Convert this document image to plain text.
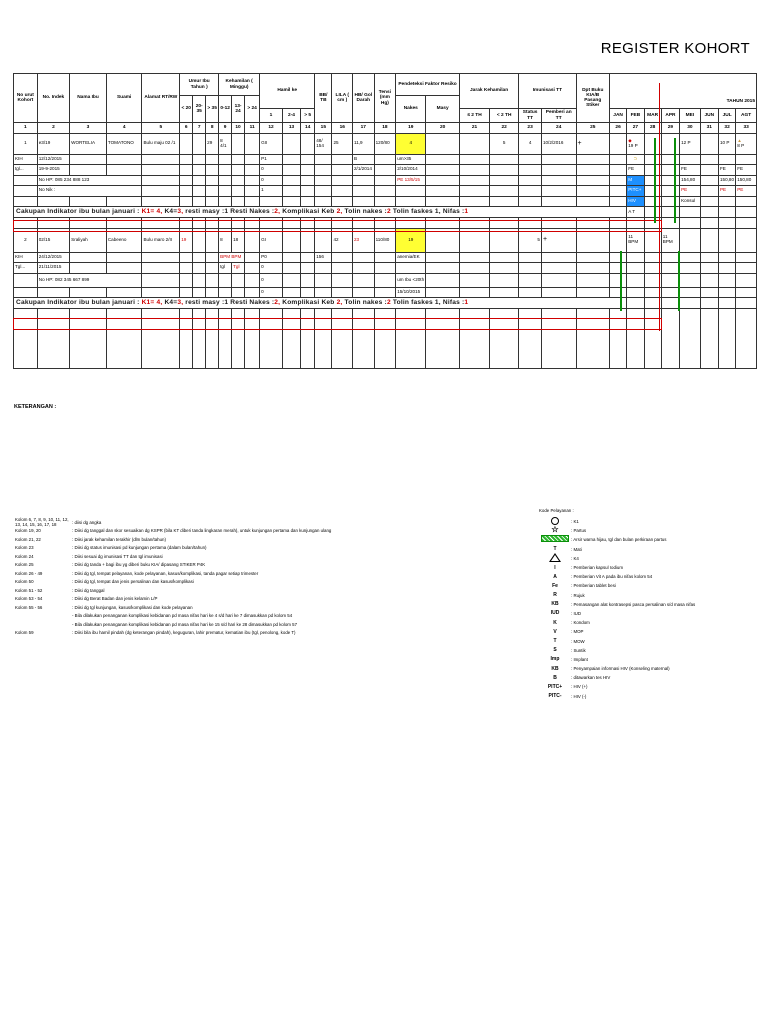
REGISTER KOHORT
No urut Kohort	No. Indek	Nama Ibu	Suami	Alamat RT/RW	Umur Ibu Tahun )			Kehamilan ( Minggu)			Hamil ke			BB/ TB	LILA ( cm )	HB/ Gol Darah	Tensi (mm Hg)	Pendeteksi Faktor Resiko		Jarak Kehamilan		Imunisasi TT		Dpt Buku KIA/B Pasang Stiker								
					< 20	20-35	> 35	0-12	13-24	> 24								Nakes	Masy						TAHUN 2015							
											1	2-4	> 5							≤ 2 TH	< 2 TH	Status TT	Pemberi an TT		JAN	FEB	MAR	APR	MEI	JUN	JUL	AGT
1	2	3	4	5	6	7	8	9	10	11	12	13	14	15	16	17	18	19	20	21	22	23	24	25	26	27	28	29	30	31	32	33
1	e3/19	WORTELIA	TOMATONO	Bulu maju 02 /1			29	8 4/1			GII			48/ 154	25	11,9	120/80	4			5	4	10/2/2016	+		◆
19 P			12 P		10 P	▲
8 P
KIH	12/12/2015										P1					B		um>35								⊃						
tgl...	19-9-2015										0					2/1/2014		2/10/2014								FE			FE		FE	FE
	No HP: 085 234 888 123										0							PE 13/5/15								M			154,80		150,80	150,80
	No Nik :										1															PITC+			PE		PE	PE
																										HIV			Konsul			
Cakupan Indikator ibu bulan januari : K1= 4, K4=3, resti masy :1 Resti Nakes :2, Komplikasi Keb 2, Tolin nakes :2 Tolin faskes 1, Nifas :1																										A T						

2	02/15	Sraliyah	Cabeeno	Bulu maro 2/II	19			8	18		GI				42	23	110/80	19				5	+			11 BPM		11 BPM				
KIH	24/12/2015							BPM BPM			P0			156				anemia/EK														
Tgl...	21/11/2015							tgl	Tgl		0																					
	No HP: 082 345 667 899										0							um Ibu <20th														
											0							15/10/2015														
Cakupan Indikator ibu bulan januari : K1= 4, K4=3, resti masy :1 Resti Nakes :2, Komplikasi Keb 2, Tolin nakes :2 Tolin faskes 1, Nifas :1																																

KETERANGAN :
Kolom 6, 7, 8, 9, 10, 11, 12, 13, 14, 15, 16, 17, 18	: diisi dg angka
Kolom 19, 20	: Diisi dg tanggal dan skor sesuaikan dg KSPR (bila KT diberi tanda lingkaran merah), untuk kunjungan pertama dan kunjungan ulang
Kolom 21, 22	: Diisi jarak kehamilan terakhir (dlm bulan/tahun)
Kolom 23	: Diisi dg status imunisasi pd kunjungan pertama (dalam bulan/tahun)
Kolom 24	: Diisi sesuai dg imunisasi TT dan tgl imunisasi
Kolom 25	: Diisi dg tanda + bagi ibu yg diberi buku KIA/ dipasang STIKER P4K
Kolom 26 - 49	: Diisi dg tgl, tempat pelayanan, kode pelayanan, kasus/komplikasi, tanda pagar setiap trimester
Kolom 50	: Diisi dg tgl, tempat dan jenis persalinan dan kasus/komplikasi
Kolom 51 - 52	: Diisi dg tanggal
Kolom 53 - 54	: Diisi dg Berat Badan dan jenis kelamin L/P
Kolom 55 - 56	: Diisi dg tgl kunjungan, kasus/komplikasi dan kode pelayanan
- Bila dilakukan penanganan komplikasi kebidanan pd masa nifas hari ke 4 s/d hari ke 7 dimasukkan pd kolom 54
- Bila dilakukan penanganan komplikasi kebidanan pd masa nifas hari ke 15 s/d hari ke 28 dimasukkan pd kolom 57
Kolom 59	: Diisi bila ibu hamil pindah (dg keterangan pindah), keguguran, lahir prematur, kematian ibu (tgl, penolong, kode T)
Kode Pelayanan :
: K1
☆	: Partus
: Arsir warna hijau, tgl dan bulan perkiraan partus
T	: Mati
: K4
I	: Pemberian kapsul Iodium
A	: Pemberian Vit A pada ibu nifas kolom 54
Fe	: Pemberian tablet besi
R	: Rujuk
KB	: Pemasangan alat kontrasepsi pasca persalinan s/d masa nifas
IUD	: IUD
K	: Kondom
V	: MOP
T	: MOW
S	: Suntik
Imp	: Implant
KB	: Penyampaian informasi HIV (Konseling maternal)
B	: ditawarkan tes HIV
PITC+	: HIV (+)
PITC-	: HIV (-)
